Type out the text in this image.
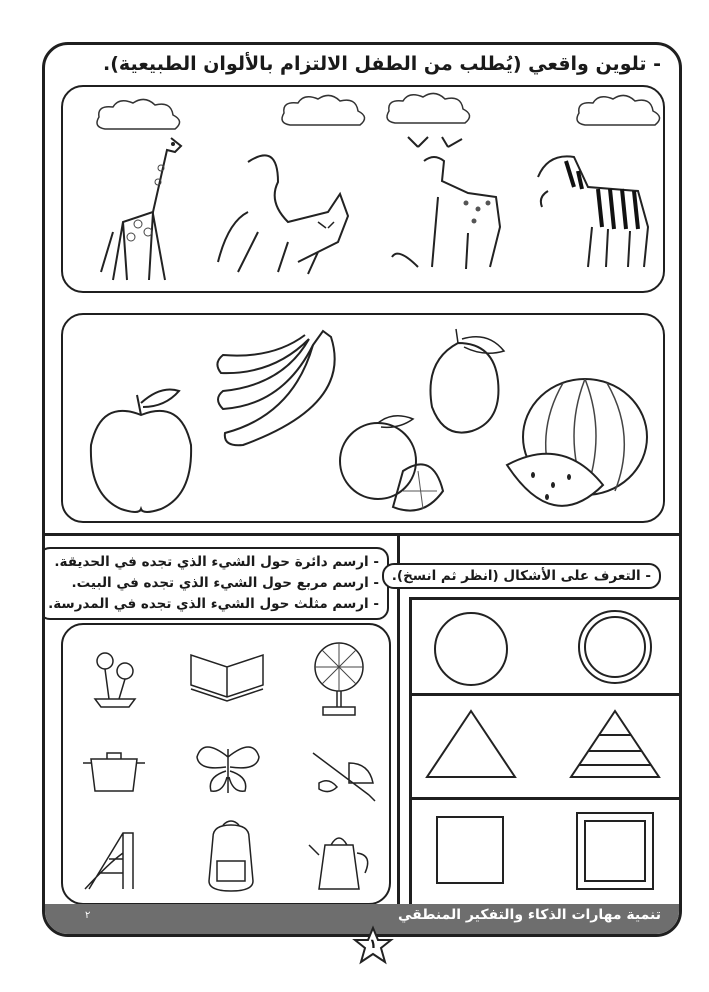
- تلوين واقعي (يُطلب من الطفل الالتزام بالألوان الطبيعية).
- ارسم دائرة حول الشيء الذي تجده في الحديقة.
- ارسم مربع حول الشيء الذي تجده في البيت.
- ارسم مثلث حول الشيء الذي تجده في المدرسة.
- التعرف على الأشكال (انظر ثم انسخ).
٢	تنمية مهارات الذكاء والتفكير المنطقي
١
